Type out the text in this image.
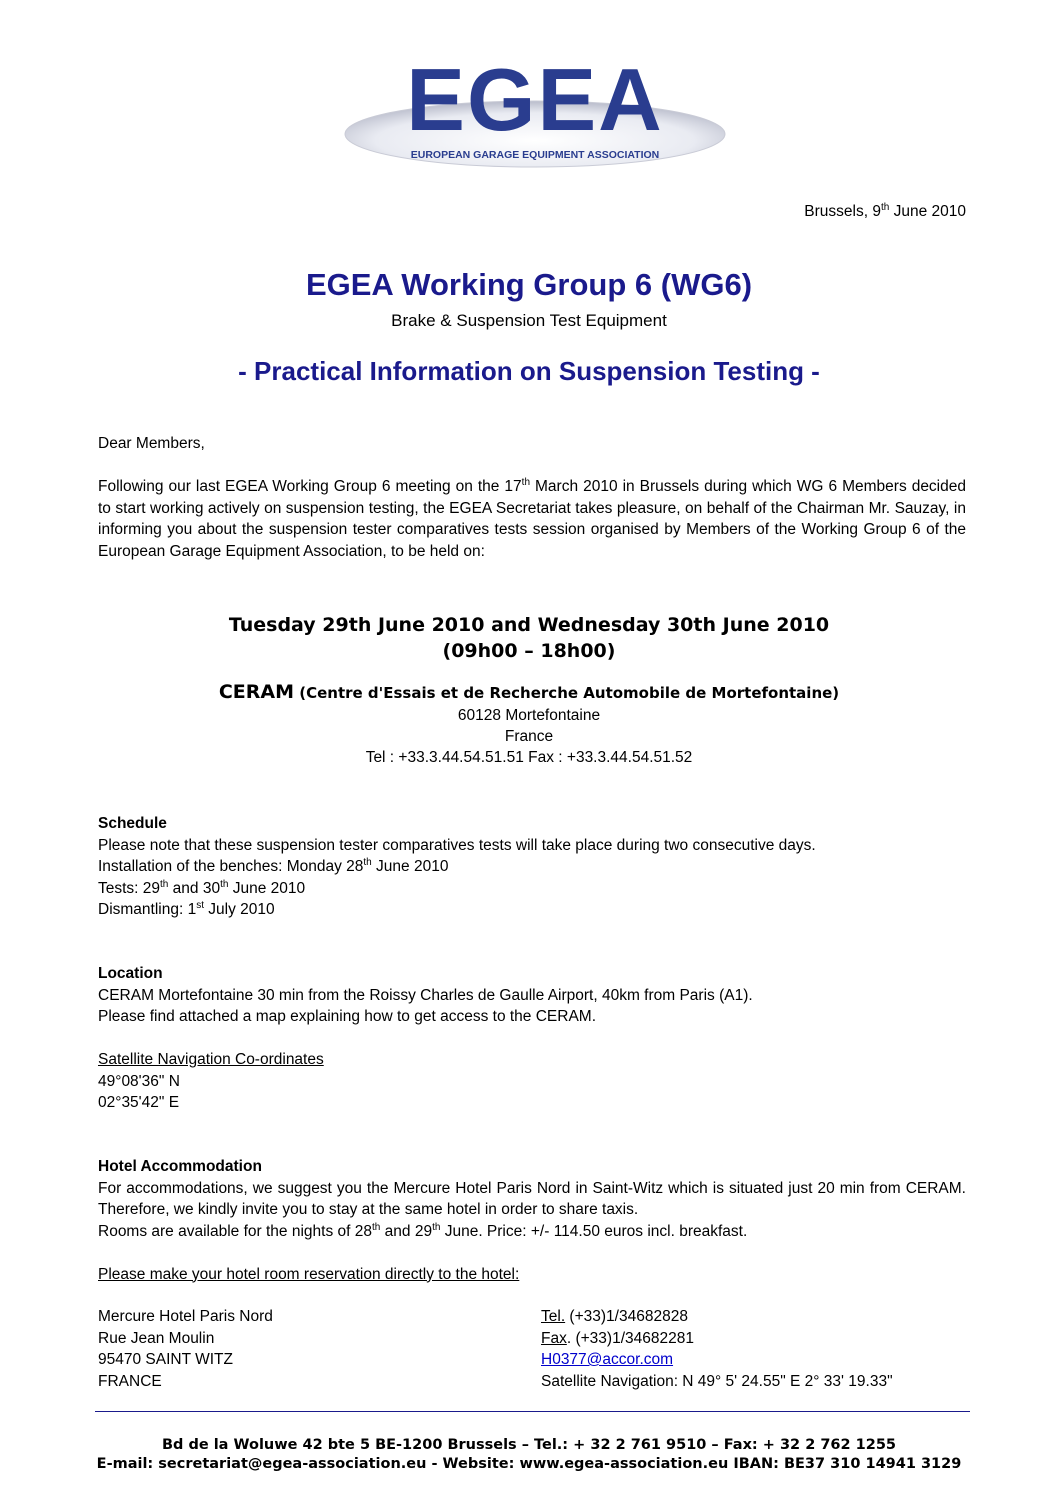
EGEA
EUROPEAN GARAGE EQUIPMENT ASSOCIATION
Brussels, 9th June 2010
EGEA Working Group 6 (WG6)
Brake & Suspension Test Equipment
- Practical Information on Suspension Testing -
Dear Members,
Following our last EGEA Working Group 6 meeting on the 17th March 2010 in Brussels during which WG 6 Members decided to start working actively on suspension testing, the EGEA Secretariat takes pleasure, on behalf of the Chairman Mr. Sauzay, in informing you about the suspension tester comparatives tests session organised by Members of the Working Group 6 of the European Garage Equipment Association, to be held on:
Tuesday 29th June 2010 and Wednesday 30th June 2010
(09h00 – 18h00)
CERAM (Centre d'Essais et de Recherche Automobile de Mortefontaine)
60128 Mortefontaine
France
Tel : +33.3.44.54.51.51 Fax : +33.3.44.54.51.52
Schedule
Please note that these suspension tester comparatives tests will take place during two consecutive days.
Installation of the benches: Monday 28th June 2010
Tests: 29th and 30th June 2010
Dismantling: 1st July 2010
Location
CERAM Mortefontaine 30 min from the Roissy Charles de Gaulle Airport, 40km from Paris (A1).
Please find attached a map explaining how to get access to the CERAM.
Satellite Navigation Co-ordinates
49°08'36" N
02°35'42" E
Hotel Accommodation
For accommodations, we suggest you the Mercure Hotel Paris Nord in Saint-Witz which is situated just 20 min from CERAM. Therefore, we kindly invite you to stay at the same hotel in order to share taxis.
Rooms are available for the nights of 28th and 29th June. Price: +/- 114.50 euros incl. breakfast.
Please make your hotel room reservation directly to the hotel:
Mercure Hotel Paris Nord
Rue Jean Moulin
95470 SAINT WITZ
FRANCE
Tel. (+33)1/34682828
Fax. (+33)1/34682281
H0377@accor.com
Satellite Navigation: N 49° 5' 24.55" E 2° 33' 19.33"
Bd de la Woluwe 42 bte 5 BE-1200 Brussels – Tel.: + 32 2 761 9510 – Fax: + 32 2 762 1255
E-mail: secretariat@egea-association.eu - Website: www.egea-association.eu IBAN: BE37 310 14941 3129
